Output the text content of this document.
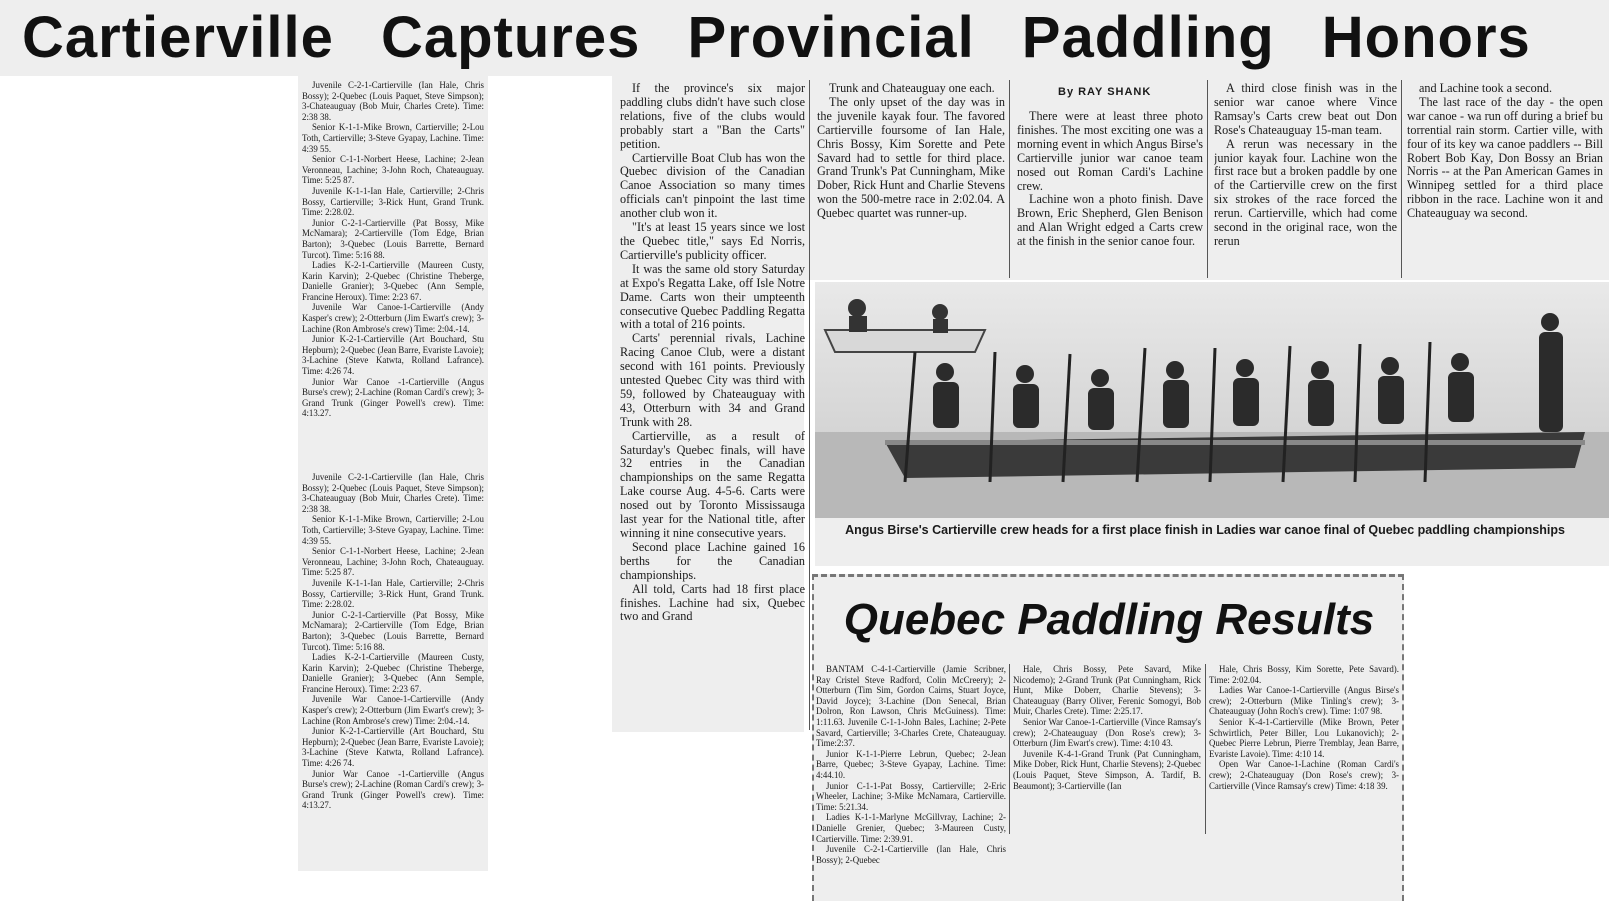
Cartierville Captures Provincial Paddling Honors

Juvenile C-2-1-Cartierville (Ian Hale, Chris Bossy); 2-Quebec (Louis Paquet, Steve Simpson); 3-Chateauguay (Bob Muir, Charles Crete). Time: 2:38 38.

Senior K-1-1-Mike Brown, Cartierville; 2-Lou Toth, Cartierville; 3-Steve Gyapay, Lachine. Time: 4:39 55.

Senior C-1-1-Norbert Heese, Lachine; 2-Jean Veronneau, Lachine; 3-John Roch, Chateauguay. Time: 5:25 87.

Juvenile K-1-1-Ian Hale, Cartierville; 2-Chris Bossy, Cartierville; 3-Rick Hunt, Grand Trunk. Time: 2:28.02.

Junior C-2-1-Cartierville (Pat Bossy, Mike McNamara); 2-Cartierville (Tom Edge, Brian Barton); 3-Quebec (Louis Barrette, Bernard Turcot). Time: 5:16 88.

Ladies K-2-1-Cartierville (Maureen Custy, Karin Karvin); 2-Quebec (Christine Theberge, Danielle Granier); 3-Quebec (Ann Semple, Francine Heroux). Time: 2:23 67.

Juvenile War Canoe-1-Cartierville (Andy Kasper's crew); 2-Otterburn (Jim Ewart's crew); 3-Lachine (Ron Ambrose's crew) Time: 2:04.-14.

Junior K-2-1-Cartierville (Art Bouchard, Stu Hepburn); 2-Quebec (Jean Barre, Evariste Lavoie); 3-Lachine (Steve Katwta, Rolland Lafrance). Time: 4:26 74.

Junior War Canoe -1-Cartierville (Angus Burse's crew); 2-Lachine (Roman Cardi's crew); 3-Grand Trunk (Ginger Powell's crew). Time: 4:13.27.

Juvenile C-2-1-Cartierville (Ian Hale, Chris Bossy); 2-Quebec (Louis Paquet, Steve Simpson); 3-Chateauguay (Bob Muir, Charles Crete). Time: 2:38 38.

Senior K-1-1-Mike Brown, Cartierville; 2-Lou Toth, Cartierville; 3-Steve Gyapay, Lachine. Time: 4:39 55.

Senior C-1-1-Norbert Heese, Lachine; 2-Jean Veronneau, Lachine; 3-John Roch, Chateauguay. Time: 5:25 87.

Juvenile K-1-1-Ian Hale, Cartierville; 2-Chris Bossy, Cartierville; 3-Rick Hunt, Grand Trunk. Time: 2:28.02.

Junior C-2-1-Cartierville (Pat Bossy, Mike McNamara); 2-Cartierville (Tom Edge, Brian Barton); 3-Quebec (Louis Barrette, Bernard Turcot). Time: 5:16 88.

Ladies K-2-1-Cartierville (Maureen Custy, Karin Karvin); 2-Quebec (Christine Theberge, Danielle Granier); 3-Quebec (Ann Semple, Francine Heroux). Time: 2:23 67.

Juvenile War Canoe-1-Cartierville (Andy Kasper's crew); 2-Otterburn (Jim Ewart's crew); 3-Lachine (Ron Ambrose's crew) Time: 2:04.-14.

Junior K-2-1-Cartierville (Art Bouchard, Stu Hepburn); 2-Quebec (Jean Barre, Evariste Lavoie); 3-Lachine (Steve Katwta, Rolland Lafrance). Time: 4:26 74.

Junior War Canoe -1-Cartierville (Angus Burse's crew); 2-Lachine (Roman Cardi's crew); 3-Grand Trunk (Ginger Powell's crew). Time: 4:13.27.

If the province's six major paddling clubs didn't have such close relations, five of the clubs would probably start a "Ban the Carts" petition.

Cartierville Boat Club has won the Quebec division of the Canadian Canoe Association so many times officials can't pinpoint the last time another club won it.

"It's at least 15 years since we lost the Quebec title," says Ed Norris, Cartierville's publicity officer.

It was the same old story Saturday at Expo's Regatta Lake, off Isle Notre Dame. Carts won their umpteenth consecutive Quebec Paddling Regatta with a total of 216 points.

Carts' perennial rivals, Lachine Racing Canoe Club, were a distant second with 161 points. Previously untested Quebec City was third with 59, followed by Chateauguay with 43, Otterburn with 34 and Grand Trunk with 28.

Cartierville, as a result of Saturday's Quebec finals, will have 32 entries in the Canadian championships on the same Regatta Lake course Aug. 4-5-6. Carts were nosed out by Toronto Mississauga last year for the National title, after winning it nine consecutive years.

Second place Lachine gained 16 berths for the Canadian championships.

All told, Carts had 18 first place finishes. Lachine had six, Quebec two and Grand

Trunk and Chateauguay one each.

The only upset of the day was in the juvenile kayak four. The favored Cartierville foursome of Ian Hale, Chris Bossy, Kim Sorette and Pete Savard had to settle for third place. Grand Trunk's Pat Cunningham, Mike Dober, Rick Hunt and Charlie Stevens won the 500-metre race in 2:02.04. A Quebec quartet was runner-up.

By RAY SHANK

There were at least three photo finishes. The most exciting one was a morning event in which Angus Birse's Cartierville junior war canoe team nosed out Roman Cardi's Lachine crew.

Lachine won a photo finish. Dave Brown, Eric Shepherd, Glen Benison and Alan Wright edged a Carts crew at the finish in the senior canoe four.

A third close finish was in the senior war canoe where Vince Ramsay's Carts crew beat out Don Rose's Chateauguay 15-man team.

A rerun was necessary in the junior kayak four. Lachine won the first race but a broken paddle by one of the Cartierville crew on the first six strokes of the race forced the rerun. Cartierville, which had come second in the original race, won the rerun

and Lachine took a second.

The last race of the day - the open war canoe - wa run off during a brief bu torrential rain storm. Cartier ville, with four of its key wa canoe paddlers -- Bill Robert Bob Kay, Don Bossy an Brian Norris -- at the Pan American Games in Winnipeg settled for a third place ribbon in the race. Lachine won it and Chateauguay wa second.

Angus Birse's Cartierville crew heads for a first place finish in Ladies war canoe final of Quebec paddling championships
Quebec Paddling Results

BANTAM C-4-1-Cartierville (Jamie Scribner, Ray Cristel Steve Radford, Colin McCreery); 2-Otterburn (Tim Sim, Gordon Cairns, Stuart Joyce, David Joyce); 3-Lachine (Don Senecal, Brian Dolron, Ron Lawson, Chris McGuiness). Time: 1:11.63. Juvenile C-1-1-John Bales, Lachine; 2-Pete Savard, Cartierville; 3-Charles Crete, Chateauguay. Time:2:37.

Junior K-1-1-Pierre Lebrun, Quebec; 2-Jean Barre, Quebec; 3-Steve Gyapay, Lachine. Time: 4:44.10.

Junior C-1-1-Pat Bossy, Cartierville; 2-Eric Wheeler, Lachine; 3-Mike McNamara, Cartierville. Time: 5:21.34.

Ladies K-1-1-Marlyne McGillvray, Lachine; 2-Danielle Grenier, Quebec; 3-Maureen Custy, Cartierville. Time: 2:39.91.

Juvenile C-2-1-Cartierville (Ian Hale, Chris Bossy); 2-Quebec

Hale, Chris Bossy, Pete Savard, Mike Nicodemo); 2-Grand Trunk (Pat Cunningham, Rick Hunt, Mike Doberr, Charlie Stevens); 3-Chateauguay (Barry Oliver, Ferenic Somogyi, Bob Muir, Charles Crete). Time: 2:25.17.

Senior War Canoe-1-Cartierville (Vince Ramsay's crew); 2-Chateauguay (Don Rose's crew); 3-Otterburn (Jim Ewart's crew). Time: 4:10 43.

Juvenile K-4-1-Grand Trunk (Pat Cunningham, Mike Dober, Rick Hunt, Charlie Stevens); 2-Quebec (Louis Paquet, Steve Simpson, A. Tardif, B. Beaumont); 3-Cartierville (Ian

Hale, Chris Bossy, Kim Sorette, Pete Savard). Time: 2:02.04.

Ladies War Canoe-1-Cartierville (Angus Birse's crew); 2-Otterburn (Mike Tinling's crew); 3-Chateauguay (John Roch's crew). Time: 1:07 98.

Senior K-4-1-Cartierville (Mike Brown, Peter Schwirtlich, Peter Biller, Lou Lukanovich); 2-Quebec Pierre Lebrun, Pierre Tremblay, Jean Barre, Evariste Lavoie). Time: 4:10 14.

Open War Canoe-1-Lachine (Roman Cardi's crew); 2-Chateauguay (Don Rose's crew); 3-Cartierville (Vince Ramsay's crew) Time: 4:18 39.
